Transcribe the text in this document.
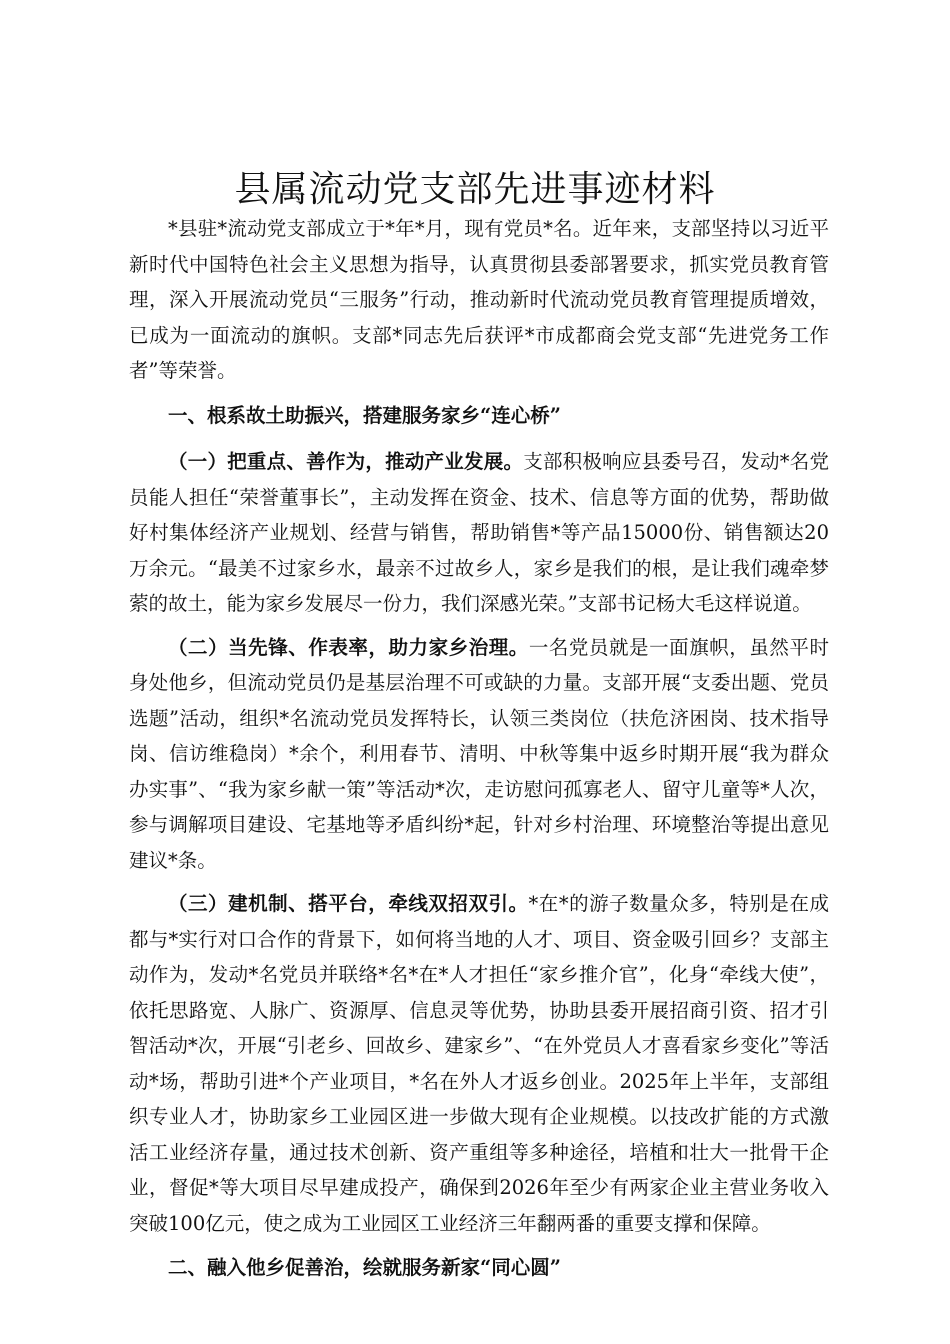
县属流动党支部先进事迹材料

*县驻*流动党支部成立于*年*月，现有党员*名。近年来，支部坚持以习近平新时代中国特色社会主义思想为指导，认真贯彻县委部署要求，抓实党员教育管理，深入开展流动党员“三服务”行动，推动新时代流动党员教育管理提质增效，已成为一面流动的旗帜。支部*同志先后获评*市成都商会党支部“先进党务工作者”等荣誉。

一、根系故土助振兴，搭建服务家乡“连心桥”

（一）把重点、善作为，推动产业发展。支部积极响应县委号召，发动*名党员能人担任“荣誉董事长”，主动发挥在资金、技术、信息等方面的优势，帮助做好村集体经济产业规划、经营与销售，帮助销售*等产品15000份、销售额达20万余元。“最美不过家乡水，最亲不过故乡人，家乡是我们的根，是让我们魂牵梦萦的故土，能为家乡发展尽一份力，我们深感光荣。”支部书记杨大毛这样说道。

（二）当先锋、作表率，助力家乡治理。一名党员就是一面旗帜，虽然平时身处他乡，但流动党员仍是基层治理不可或缺的力量。支部开展“支委出题、党员选题”活动，组织*名流动党员发挥特长，认领三类岗位（扶危济困岗、技术指导岗、信访维稳岗）*余个，利用春节、清明、中秋等集中返乡时期开展“我为群众办实事”、“我为家乡献一策”等活动*次，走访慰问孤寡老人、留守儿童等*人次，参与调解项目建设、宅基地等矛盾纠纷*起，针对乡村治理、环境整治等提出意见建议*条。

（三）建机制、搭平台，牵线双招双引。*在*的游子数量众多，特别是在成都与*实行对口合作的背景下，如何将当地的人才、项目、资金吸引回乡？支部主动作为，发动*名党员并联络*名*在*人才担任“家乡推介官”，化身“牵线大使”，依托思路宽、人脉广、资源厚、信息灵等优势，协助县委开展招商引资、招才引智活动*次，开展“引老乡、回故乡、建家乡”、“在外党员人才喜看家乡变化”等活动*场，帮助引进*个产业项目，*名在外人才返乡创业。2025年上半年，支部组织专业人才，协助家乡工业园区进一步做大现有企业规模。以技改扩能的方式激活工业经济存量，通过技术创新、资产重组等多种途径，培植和壮大一批骨干企业，督促*等大项目尽早建成投产，确保到2026年至少有两家企业主营业务收入突破100亿元，使之成为工业园区工业经济三年翻两番的重要支撑和保障。

二、融入他乡促善治，绘就服务新家“同心圆”
